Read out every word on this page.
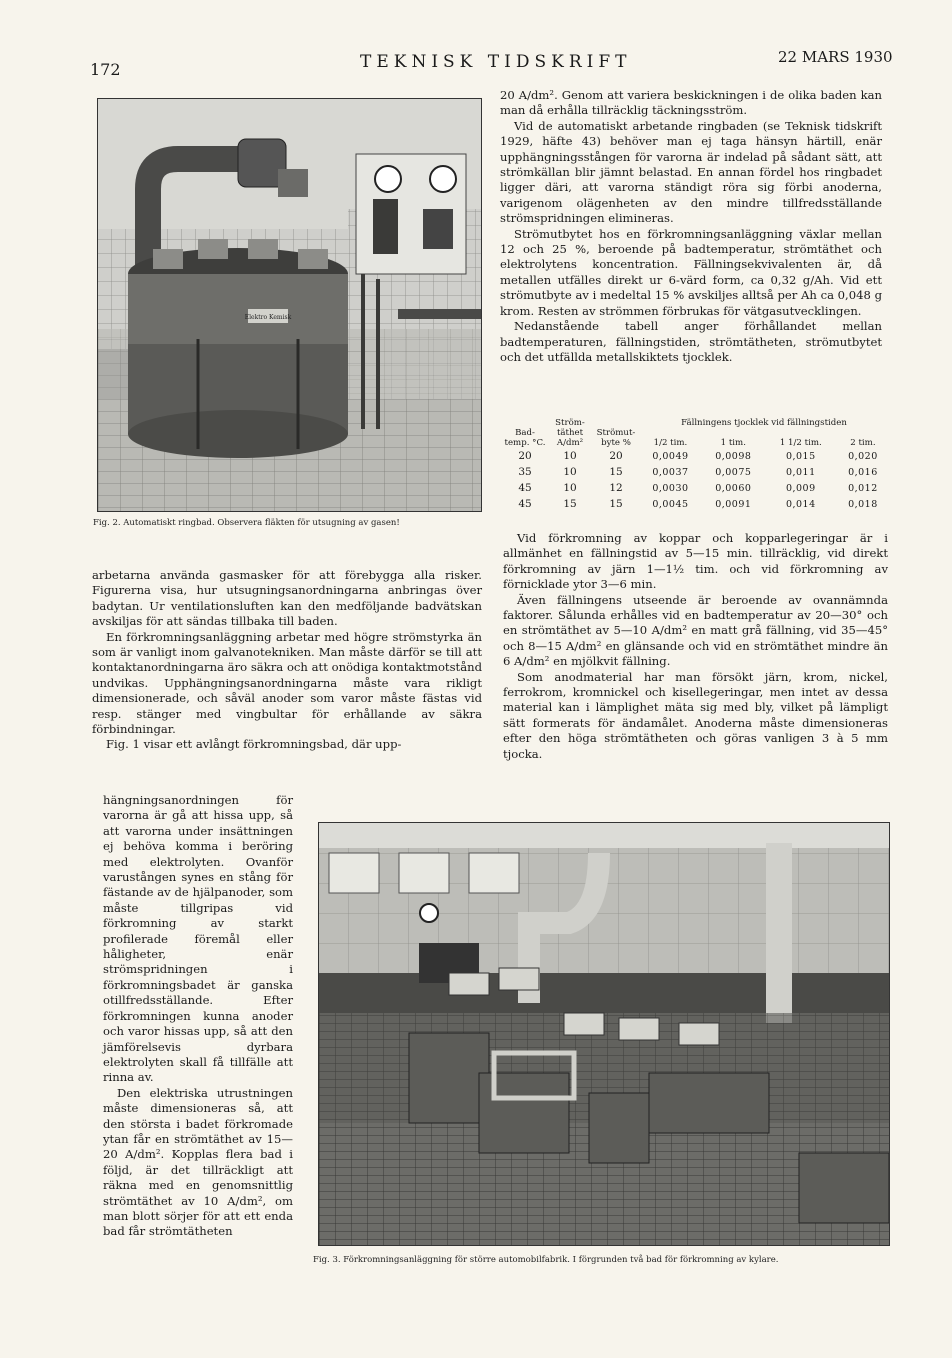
172	TEKNISK TIDSKRIFT	22 MARS 1930
Elektro Kemisk
Fig. 2. Automatiskt ringbad. Observera fläkten för utsugning av gasen!

20 A/dm². Genom att variera beskickningen i de olika baden kan man då erhålla tillräcklig täckningsström.

Vid de automatiskt arbetande ringbaden (se Teknisk tidskrift 1929, häfte 43) behöver man ej taga hänsyn härtill, enär upphängningsstången för varorna är indelad på sådant sätt, att strömkällan blir jämnt belastad. En annan fördel hos ringbadet ligger däri, att varorna ständigt röra sig förbi anoderna, varigenom olägenheten av den mindre tillfredsställande strömspridningen elimineras.

Strömutbytet hos en förkromningsanläggning växlar mellan 12 och 25 %, beroende på badtemperatur, strömtäthet och elektrolytens koncentration. Fällningsekvivalenten är, då metallen utfälles direkt ur 6-värd form, ca 0,32 g/Ah. Vid ett strömutbyte av i medeltal 15 % avskiljes alltså per Ah ca 0,048 g krom. Resten av strömmen förbrukas för vätgasutvecklingen.

Nedanstående tabell anger förhållandet mellan badtemperaturen, fällningstiden, strömtätheten, strömutbytet och det utfällda metallskiktets tjocklek.

Bad- temp. °C.	Ström- täthet A/dm²	Strömut- byte %	Fällningens tjocklek vid fällningstiden			
			1/2 tim.	1 tim.	1 1/2 tim.	2 tim.
20	10	20	0,0049	0,0098	0,015	0,020
35	10	15	0,0037	0,0075	0,011	0,016
45	10	12	0,0030	0,0060	0,009	0,012
45	15	15	0,0045	0,0091	0,014	0,018

Vid förkromning av koppar och kopparlegeringar är i allmänhet en fällningstid av 5—15 min. tillräcklig, vid direkt förkromning av järn 1—1½ tim. och vid förkromning av förnicklade ytor 3—6 min.

Även fällningens utseende är beroende av ovannämnda faktorer. Sålunda erhålles vid en badtemperatur av 20—30° och en strömtäthet av 5—10 A/dm² en matt grå fällning, vid 35—45° och 8—15 A/dm² en glänsande och vid en strömtäthet mindre än 6 A/dm² en mjölkvit fällning.

Som anodmaterial har man försökt järn, krom, nickel, ferrokrom, kromnickel och kisellegeringar, men intet av dessa material kan i lämplighet mäta sig med bly, vilket på lämpligt sätt formerats för ändamålet. Anoderna måste dimensioneras efter den höga strömtätheten och göras vanligen 3 à 5 mm tjocka.

arbetarna använda gasmasker för att förebygga alla risker. Figurerna visa, hur utsugningsanordningarna anbringas över badytan. Ur ventilationsluften kan den medföljande badvätskan avskiljas för att sändas tillbaka till baden.

En förkromningsanläggning arbetar med högre strömstyrka än som är vanligt inom galvanotekniken. Man måste därför se till att kontaktanordningarna äro säkra och att onödiga kontaktmotstånd undvikas. Upphängningsanordningarna måste vara rikligt dimensionerade, och såväl anoder som varor måste fästas vid resp. stänger med vingbultar för erhållande av säkra förbindningar.

Fig. 1 visar ett avlångt förkromningsbad, där upp-

hängningsanordningen för varorna är gå att hissa upp, så att varorna under insättningen ej behöva komma i beröring med elektrolyten. Ovanför varustången synes en stång för fästande av de hjälpanoder, som måste tillgripas vid förkromning av starkt profilerade föremål eller håligheter, enär strömspridningen i förkromningsbadet är ganska otillfredsställande. Efter förkromningen kunna anoder och varor hissas upp, så att den jämförelsevis dyrbara elektrolyten skall få tillfälle att rinna av.

Den elektriska utrustningen måste dimensioneras så, att den största i badet förkromade ytan får en strömtäthet av 15—20 A/dm². Kopplas flera bad i följd, är det tillräckligt att räkna med en genomsnittlig strömtäthet av 10 A/dm², om man blott sörjer för att ett enda bad får strömtätheten

Fig. 3. Förkromningsanläggning för större automobilfabrik. I förgrunden två bad för förkromning av kylare.
